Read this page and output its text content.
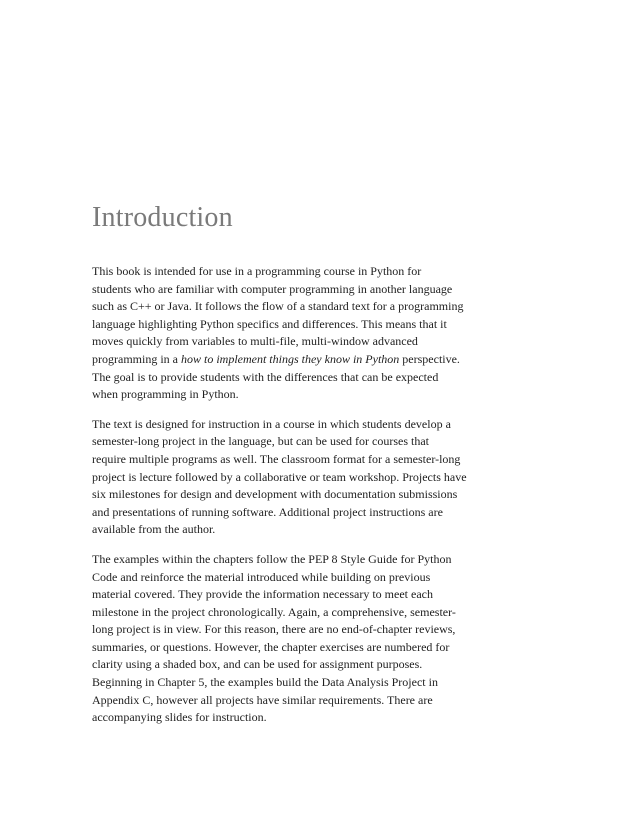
Introduction

This book is intended for use in a programming course in Python for
students who are familiar with computer programming in another language
such as C++ or Java. It follows the flow of a standard text for a programming
language highlighting Python specifics and differences. This means that it
moves quickly from variables to multi-file, multi-window advanced
programming in a how to implement things they know in Python perspective.
The goal is to provide students with the differences that can be expected
when programming in Python.

The text is designed for instruction in a course in which students develop a
semester-long project in the language, but can be used for courses that
require multiple programs as well. The classroom format for a semester-long
project is lecture followed by a collaborative or team workshop. Projects have
six milestones for design and development with documentation submissions
and presentations of running software. Additional project instructions are
available from the author.

The examples within the chapters follow the PEP 8 Style Guide for Python
Code and reinforce the material introduced while building on previous
material covered. They provide the information necessary to meet each
milestone in the project chronologically. Again, a comprehensive, semester-
long project is in view. For this reason, there are no end-of-chapter reviews,
summaries, or questions. However, the chapter exercises are numbered for
clarity using a shaded box, and can be used for assignment purposes.
Beginning in Chapter 5, the examples build the Data Analysis Project in
Appendix C, however all projects have similar requirements. There are
accompanying slides for instruction.
